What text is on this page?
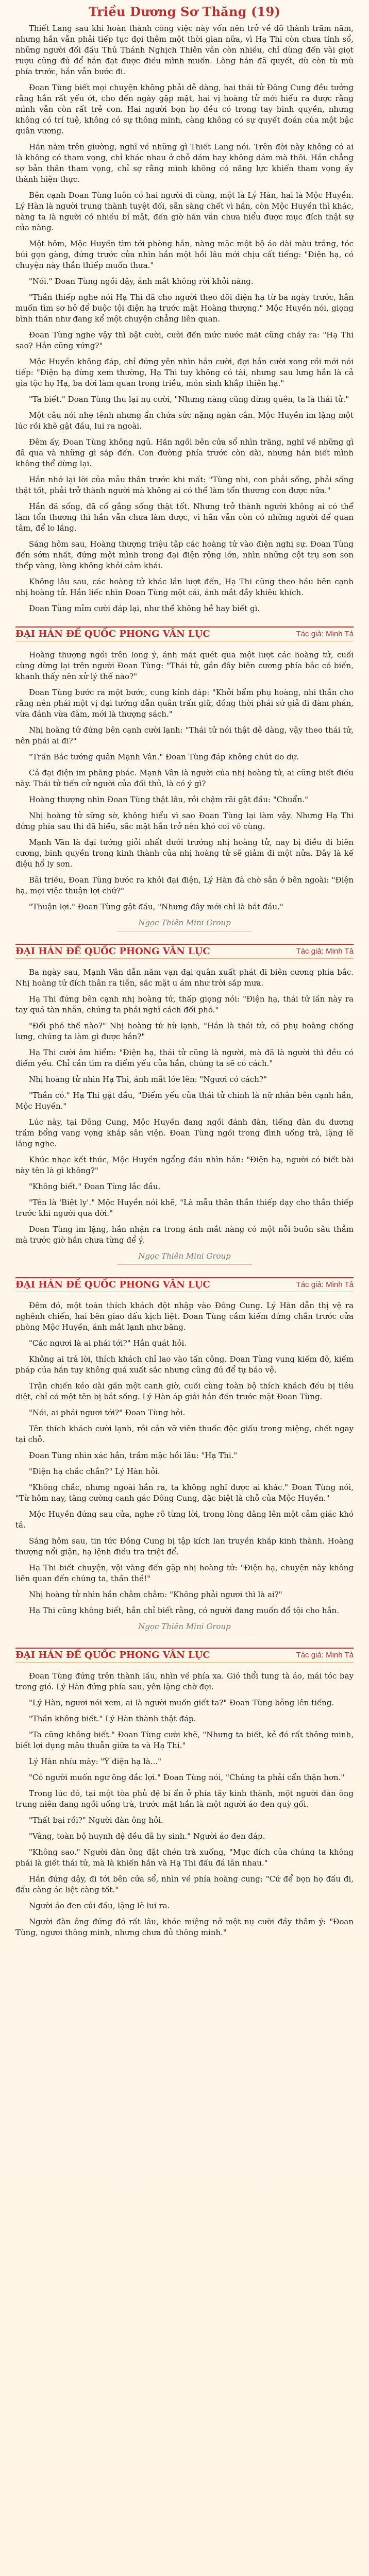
Triều Dương Sơ Thăng (19)

Thiết Lang sau khi hoàn thành công việc này vốn nên trở về đô thành trăm năm, nhưng hắn vẫn phải tiếp tục đợi thêm một thời gian nữa, vì Hạ Thi còn chưa tính sổ, những người đối đầu Thủ Thánh Nghịch Thiên vẫn còn nhiều, chỉ dùng đến vài giọt rượu cũng đủ để hắn đạt được điều mình muốn. Lòng hắn đã quyết, dù còn tù mù phía trước, hắn vẫn bước đi.

Đoan Tùng biết mọi chuyện không phải dễ dàng, hai thái tử Đông Cung đều tưởng rằng hắn rất yếu ớt, cho đến ngày gặp mặt, hai vị hoàng tử mới hiểu ra được rằng mình vẫn còn rất trẻ con. Hai người bọn họ đều có trong tay binh quyền, nhưng không có trí tuệ, không có sự thông minh, càng không có sự quyết đoán của một bậc quân vương.

Hắn nằm trên giường, nghĩ về những gì Thiết Lang nói. Trên đời này không có ai là không có tham vọng, chỉ khác nhau ở chỗ dám hay không dám mà thôi. Hắn chẳng sợ bản thân tham vọng, chỉ sợ rằng mình không có năng lực khiến tham vọng ấy thành hiện thực.

Bên cạnh Đoan Tùng luôn có hai người đi cùng, một là Lý Hàn, hai là Mộc Huyền. Lý Hàn là người trung thành tuyệt đối, sẵn sàng chết vì hắn, còn Mộc Huyền thì khác, nàng ta là người có nhiều bí mật, đến giờ hắn vẫn chưa hiểu được mục đích thật sự của nàng.

Một hôm, Mộc Huyền tìm tới phòng hắn, nàng mặc một bộ áo dài màu trắng, tóc búi gọn gàng, đứng trước cửa nhìn hắn một hồi lâu mới chịu cất tiếng: "Điện hạ, có chuyện này thần thiếp muốn thưa."

"Nói." Đoan Tùng ngồi dậy, ánh mắt không rời khỏi nàng.

"Thần thiếp nghe nói Hạ Thi đã cho người theo dõi điện hạ từ ba ngày trước, hắn muốn tìm sơ hở để buộc tội điện hạ trước mặt Hoàng thượng." Mộc Huyền nói, giọng bình thản như đang kể một chuyện chẳng liên quan.

Đoan Tùng nghe vậy thì bật cười, cười đến mức nước mắt cũng chảy ra: "Hạ Thi sao? Hắn cũng xứng?"

Mộc Huyền không đáp, chỉ đứng yên nhìn hắn cười, đợi hắn cười xong rồi mới nói tiếp: "Điện hạ đừng xem thường, Hạ Thi tuy không có tài, nhưng sau lưng hắn là cả gia tộc họ Hạ, ba đời làm quan trong triều, môn sinh khắp thiên hạ."

"Ta biết." Đoan Tùng thu lại nụ cười, "Nhưng nàng cũng đừng quên, ta là thái tử."

Một câu nói nhẹ tênh nhưng ẩn chứa sức nặng ngàn cân. Mộc Huyền im lặng một lúc rồi khẽ gật đầu, lui ra ngoài.

Đêm ấy, Đoan Tùng không ngủ. Hắn ngồi bên cửa sổ nhìn trăng, nghĩ về những gì đã qua và những gì sắp đến. Con đường phía trước còn dài, nhưng hắn biết mình không thể dừng lại.

Hắn nhớ lại lời của mẫu thân trước khi mất: "Tùng nhi, con phải sống, phải sống thật tốt, phải trở thành người mà không ai có thể làm tổn thương con được nữa."

Hắn đã sống, đã cố gắng sống thật tốt. Nhưng trở thành người không ai có thể làm tổn thương thì hắn vẫn chưa làm được, vì hắn vẫn còn có những người để quan tâm, để lo lắng.

Sáng hôm sau, Hoàng thượng triệu tập các hoàng tử vào điện nghị sự. Đoan Tùng đến sớm nhất, đứng một mình trong đại điện rộng lớn, nhìn những cột trụ sơn son thếp vàng, lòng không khỏi cảm khái.

Không lâu sau, các hoàng tử khác lần lượt đến, Hạ Thi cũng theo hầu bên cạnh nhị hoàng tử. Hắn liếc nhìn Đoan Tùng một cái, ánh mắt đầy khiêu khích.

Đoan Tùng mỉm cười đáp lại, như thể không hề hay biết gì.

ĐẠI HÁN ĐẾ QUỐC PHONG VÂN LỤC	Tác giả: Minh Tả

Hoàng thượng ngồi trên long ỷ, ánh mắt quét qua một lượt các hoàng tử, cuối cùng dừng lại trên người Đoan Tùng: "Thái tử, gần đây biên cương phía bắc có biến, khanh thấy nên xử lý thế nào?"

Đoan Tùng bước ra một bước, cung kính đáp: "Khởi bẩm phụ hoàng, nhi thần cho rằng nên phái một vị đại tướng dẫn quân trấn giữ, đồng thời phái sứ giả đi đàm phán, vừa đánh vừa đàm, mới là thượng sách."

Nhị hoàng tử đứng bên cạnh cười lạnh: "Thái tử nói thật dễ dàng, vậy theo thái tử, nên phái ai đi?"

"Trấn Bắc tướng quân Mạnh Vân." Đoan Tùng đáp không chút do dự.

Cả đại điện im phăng phắc. Mạnh Vân là người của nhị hoàng tử, ai cũng biết điều này. Thái tử tiến cử người của đối thủ, là có ý gì?

Hoàng thượng nhìn Đoan Tùng thật lâu, rồi chậm rãi gật đầu: "Chuẩn."

Nhị hoàng tử sững sờ, không hiểu vì sao Đoan Tùng lại làm vậy. Nhưng Hạ Thi đứng phía sau thì đã hiểu, sắc mặt hắn trở nên khó coi vô cùng.

Mạnh Vân là đại tướng giỏi nhất dưới trướng nhị hoàng tử, nay bị điều đi biên cương, binh quyền trong kinh thành của nhị hoàng tử sẽ giảm đi một nửa. Đây là kế điệu hổ ly sơn.

Bãi triều, Đoan Tùng bước ra khỏi đại điện, Lý Hàn đã chờ sẵn ở bên ngoài: "Điện hạ, mọi việc thuận lợi chứ?"

"Thuận lợi." Đoan Tùng gật đầu, "Nhưng đây mới chỉ là bắt đầu."

Ngọc Thiên Mini Group
ĐẠI HÁN ĐẾ QUỐC PHONG VÂN LỤC	Tác giả: Minh Tả

Ba ngày sau, Mạnh Vân dẫn năm vạn đại quân xuất phát đi biên cương phía bắc. Nhị hoàng tử đích thân ra tiễn, sắc mặt u ám như trời sắp mưa.

Hạ Thi đứng bên cạnh nhị hoàng tử, thấp giọng nói: "Điện hạ, thái tử lần này ra tay quá tàn nhẫn, chúng ta phải nghĩ cách đối phó."

"Đối phó thế nào?" Nhị hoàng tử hừ lạnh, "Hắn là thái tử, có phụ hoàng chống lưng, chúng ta làm gì được hắn?"

Hạ Thi cười âm hiểm: "Điện hạ, thái tử cũng là người, mà đã là người thì đều có điểm yếu. Chỉ cần tìm ra điểm yếu của hắn, chúng ta sẽ có cách."

Nhị hoàng tử nhìn Hạ Thi, ánh mắt lóe lên: "Ngươi có cách?"

"Thần có." Hạ Thi gật đầu, "Điểm yếu của thái tử chính là nữ nhân bên cạnh hắn, Mộc Huyền."

Lúc này, tại Đông Cung, Mộc Huyền đang ngồi đánh đàn, tiếng đàn du dương trầm bổng vang vọng khắp sân viện. Đoan Tùng ngồi trong đình uống trà, lặng lẽ lắng nghe.

Khúc nhạc kết thúc, Mộc Huyền ngẩng đầu nhìn hắn: "Điện hạ, người có biết bài này tên là gì không?"

"Không biết." Đoan Tùng lắc đầu.

"Tên là 'Biệt ly'." Mộc Huyền nói khẽ, "Là mẫu thân thần thiếp dạy cho thần thiếp trước khi người qua đời."

Đoan Tùng im lặng, hắn nhận ra trong ánh mắt nàng có một nỗi buồn sâu thẳm mà trước giờ hắn chưa từng để ý.

Ngọc Thiên Mini Group
ĐẠI HÁN ĐẾ QUỐC PHONG VÂN LỤC	Tác giả: Minh Tả

Đêm đó, một toán thích khách đột nhập vào Đông Cung. Lý Hàn dẫn thị vệ ra nghênh chiến, hai bên giao đấu kịch liệt. Đoan Tùng cầm kiếm đứng chắn trước cửa phòng Mộc Huyền, ánh mắt lạnh như băng.

"Các ngươi là ai phái tới?" Hắn quát hỏi.

Không ai trả lời, thích khách chỉ lao vào tấn công. Đoan Tùng vung kiếm đỡ, kiếm pháp của hắn tuy không quá xuất sắc nhưng cũng đủ để tự bảo vệ.

Trận chiến kéo dài gần một canh giờ, cuối cùng toàn bộ thích khách đều bị tiêu diệt, chỉ có một tên bị bắt sống. Lý Hàn áp giải hắn đến trước mặt Đoan Tùng.

"Nói, ai phái ngươi tới?" Đoan Tùng hỏi.

Tên thích khách cười lạnh, rồi cắn vỡ viên thuốc độc giấu trong miệng, chết ngay tại chỗ.

Đoan Tùng nhìn xác hắn, trầm mặc hồi lâu: "Hạ Thi."

"Điện hạ chắc chắn?" Lý Hàn hỏi.

"Không chắc, nhưng ngoài hắn ra, ta không nghĩ được ai khác." Đoan Tùng nói, "Từ hôm nay, tăng cường canh gác Đông Cung, đặc biệt là chỗ của Mộc Huyền."

Mộc Huyền đứng sau cửa, nghe rõ từng lời, trong lòng dâng lên một cảm giác khó tả.

Sáng hôm sau, tin tức Đông Cung bị tập kích lan truyền khắp kinh thành. Hoàng thượng nổi giận, hạ lệnh điều tra triệt để.

Hạ Thi biết chuyện, vội vàng đến gặp nhị hoàng tử: "Điện hạ, chuyện này không liên quan đến chúng ta, thần thề!"

Nhị hoàng tử nhìn hắn chằm chằm: "Không phải ngươi thì là ai?"

Hạ Thi cũng không biết, hắn chỉ biết rằng, có người đang muốn đổ tội cho hắn.

Ngọc Thiên Mini Group
ĐẠI HÁN ĐẾ QUỐC PHONG VÂN LỤC	Tác giả: Minh Tả

Đoan Tùng đứng trên thành lầu, nhìn về phía xa. Gió thổi tung tà áo, mái tóc bay trong gió. Lý Hàn đứng phía sau, yên lặng chờ đợi.

"Lý Hàn, ngươi nói xem, ai là người muốn giết ta?" Đoan Tùng bỗng lên tiếng.

"Thần không biết." Lý Hàn thành thật đáp.

"Ta cũng không biết." Đoan Tùng cười khẽ, "Nhưng ta biết, kẻ đó rất thông minh, biết lợi dụng mâu thuẫn giữa ta và Hạ Thi."

Lý Hàn nhíu mày: "Ý điện hạ là..."

"Có người muốn ngư ông đắc lợi." Đoan Tùng nói, "Chúng ta phải cẩn thận hơn."

Trong lúc đó, tại một tòa phủ đệ bí ẩn ở phía tây kinh thành, một người đàn ông trung niên đang ngồi uống trà, trước mặt hắn là một người áo đen quỳ gối.

"Thất bại rồi?" Người đàn ông hỏi.

"Vâng, toàn bộ huynh đệ đều đã hy sinh." Người áo đen đáp.

"Không sao." Người đàn ông đặt chén trà xuống, "Mục đích của chúng ta không phải là giết thái tử, mà là khiến hắn và Hạ Thi đấu đá lẫn nhau."

Hắn đứng dậy, đi tới bên cửa sổ, nhìn về phía hoàng cung: "Cứ để bọn họ đấu đi, đấu càng ác liệt càng tốt."

Người áo đen cúi đầu, lặng lẽ lui ra.

Người đàn ông đứng đó rất lâu, khóe miệng nở một nụ cười đầy thâm ý: "Đoan Tùng, ngươi thông minh, nhưng chưa đủ thông minh."
